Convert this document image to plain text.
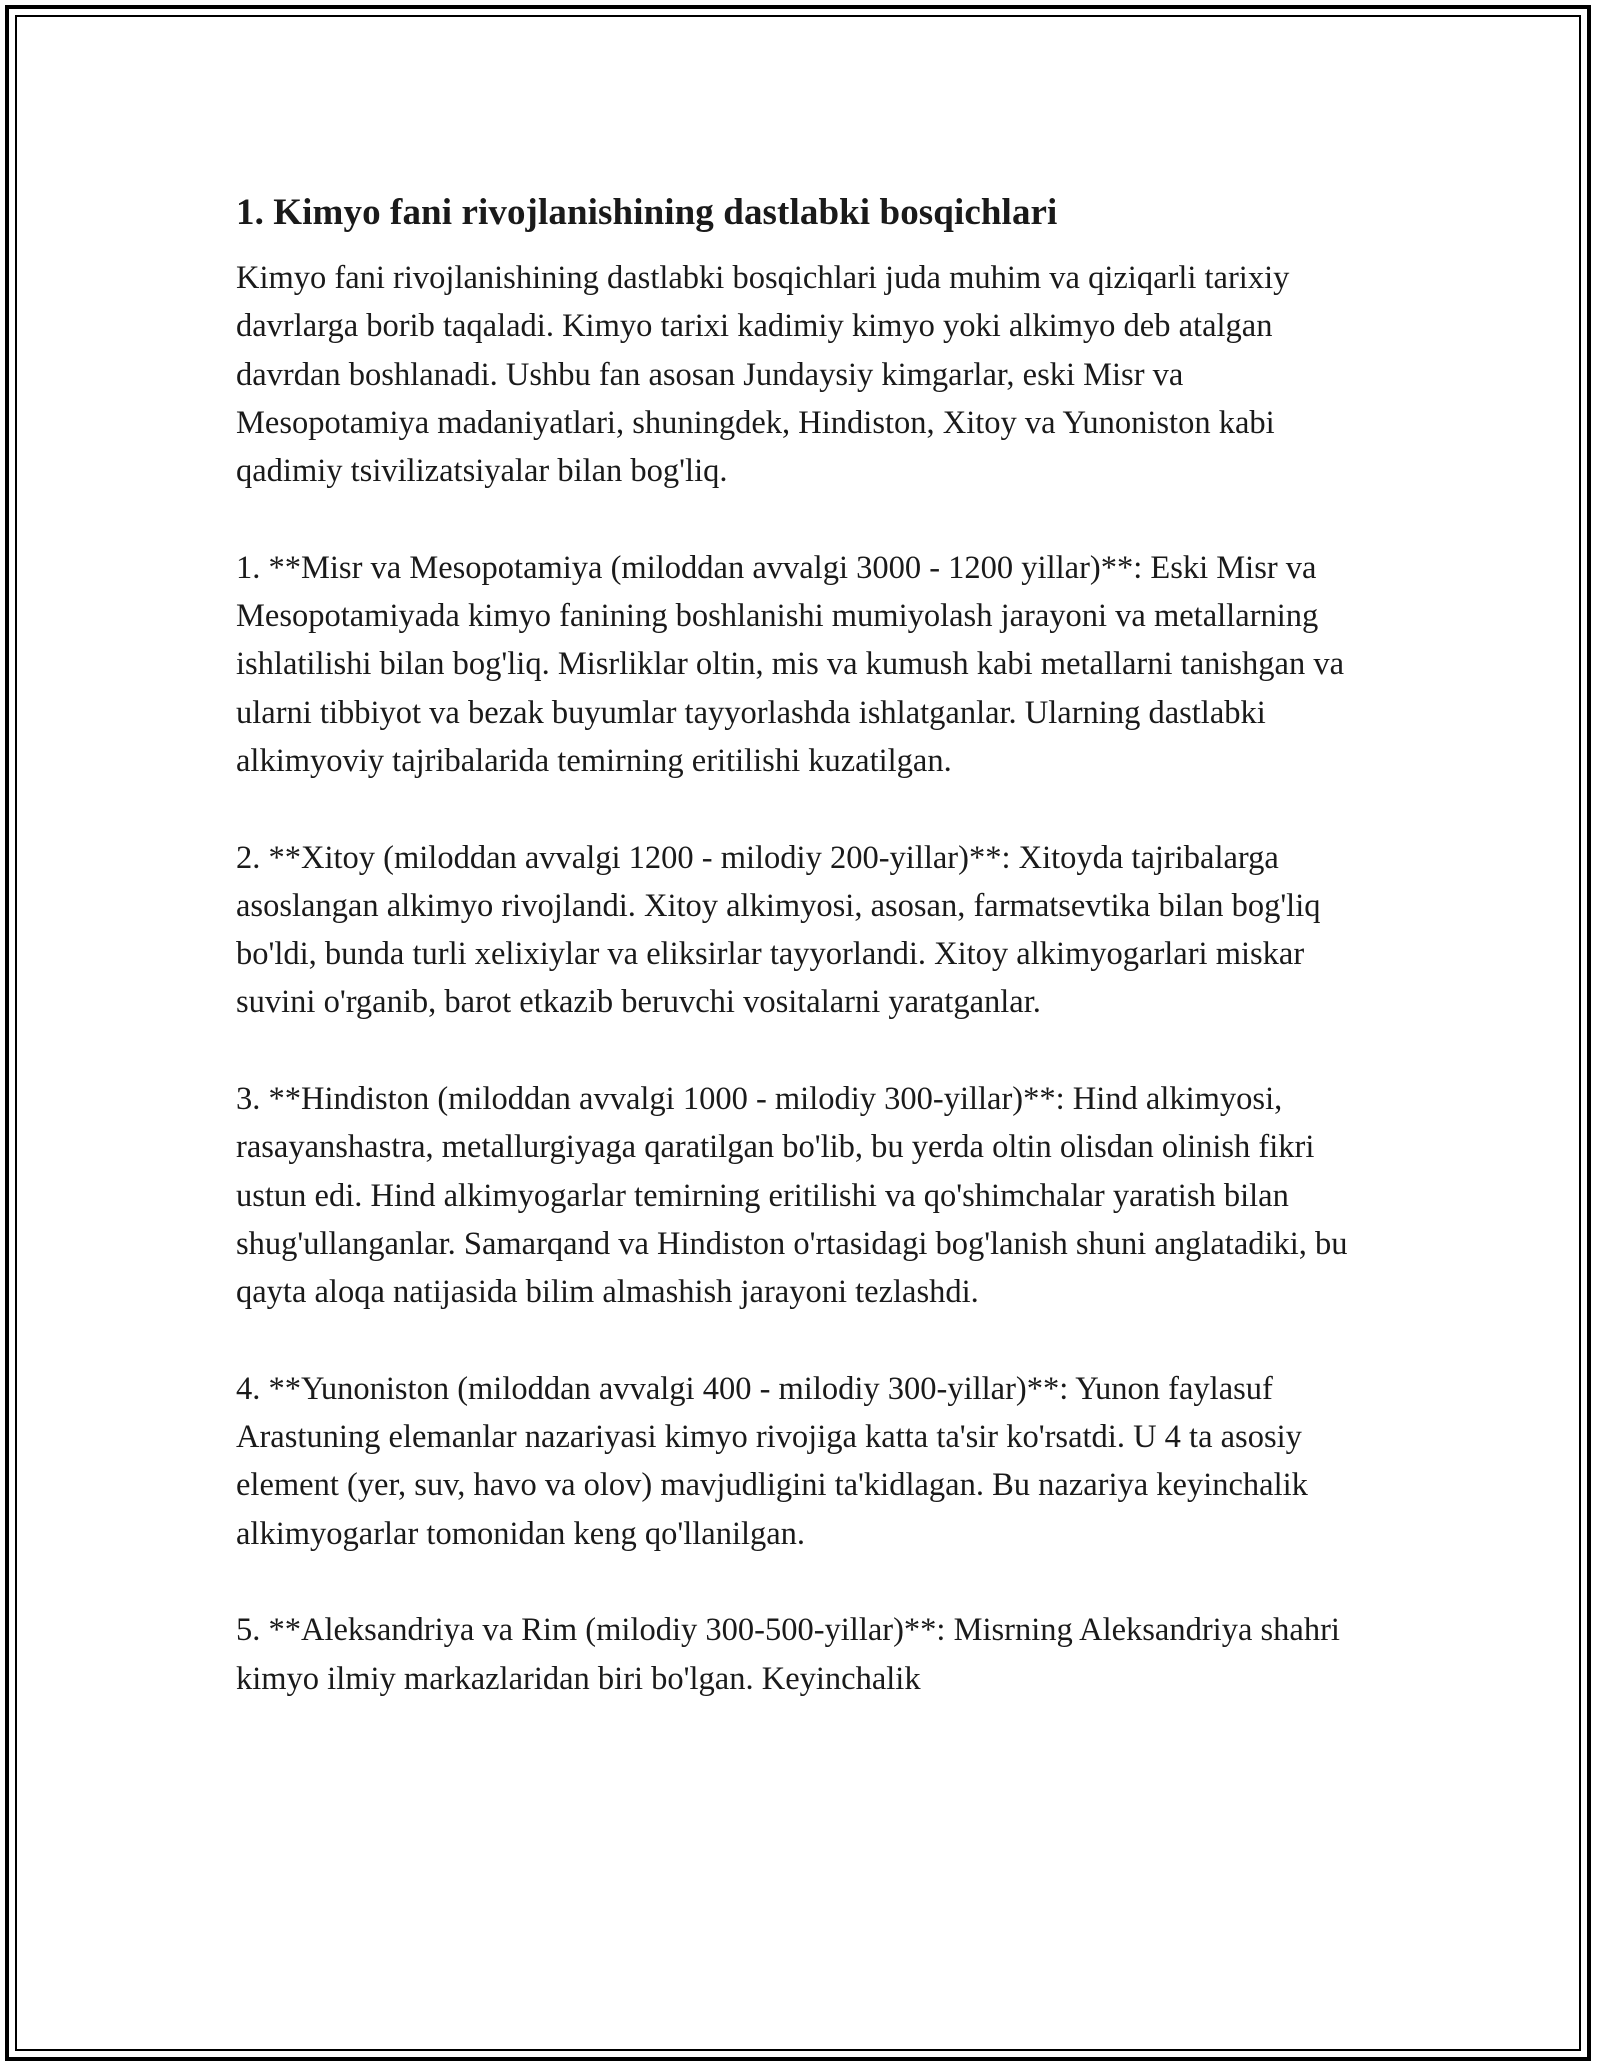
1. Kimyo fani rivojlanishining dastlabki bosqichlari

Kimyo fani rivojlanishining dastlabki bosqichlari juda muhim va qiziqarli tarixiy davrlarga borib taqaladi. Kimyo tarixi kadimiy kimyo yoki alkimyo deb atalgan davrdan boshlanadi. Ushbu fan asosan Jundaysiy kimgarlar, eski Misr va Mesopotamiya madaniyatlari, shuningdek, Hindiston, Xitoy va Yunoniston kabi qadimiy tsivilizatsiyalar bilan bog'liq.

1. **Misr va Mesopotamiya (miloddan avvalgi 3000 - 1200 yillar)**: Eski Misr va Mesopotamiyada kimyo fanining boshlanishi mumiyolash jarayoni va metallarning ishlatilishi bilan bog'liq. Misrliklar oltin, mis va kumush kabi metallarni tanishgan va ularni tibbiyot va bezak buyumlar tayyorlashda ishlatganlar. Ularning dastlabki alkimyoviy tajribalarida temirning eritilishi kuzatilgan.

2. **Xitoy (miloddan avvalgi 1200 - milodiy 200-yillar)**: Xitoyda tajribalarga asoslangan alkimyo rivojlandi. Xitoy alkimyosi, asosan, farmatsevtika bilan bog'liq bo'ldi, bunda turli xelixiylar va eliksirlar tayyorlandi. Xitoy alkimyogarlari miskar suvini o'rganib, barot etkazib beruvchi vositalarni yaratganlar.

3. **Hindiston (miloddan avvalgi 1000 - milodiy 300-yillar)**: Hind alkimyosi, rasayanshastra, metallurgiyaga qaratilgan bo'lib, bu yerda oltin olisdan olinish fikri ustun edi. Hind alkimyogarlar temirning eritilishi va qo'shimchalar yaratish bilan shug'ullanganlar. Samarqand va Hindiston o'rtasidagi bog'lanish shuni anglatadiki, bu qayta aloqa natijasida bilim almashish jarayoni tezlashdi.

4. **Yunoniston (miloddan avvalgi 400 - milodiy 300-yillar)**: Yunon faylasuf Arastuning elemanlar nazariyasi kimyo rivojiga katta ta'sir ko'rsatdi. U 4 ta asosiy element (yer, suv, havo va olov) mavjudligini ta'kidlagan. Bu nazariya keyinchalik alkimyogarlar tomonidan keng qo'llanilgan.

5. **Aleksandriya va Rim (milodiy 300-500-yillar)**: Misrning Aleksandriya shahri kimyo ilmiy markazlaridan biri bo'lgan. Keyinchalik
